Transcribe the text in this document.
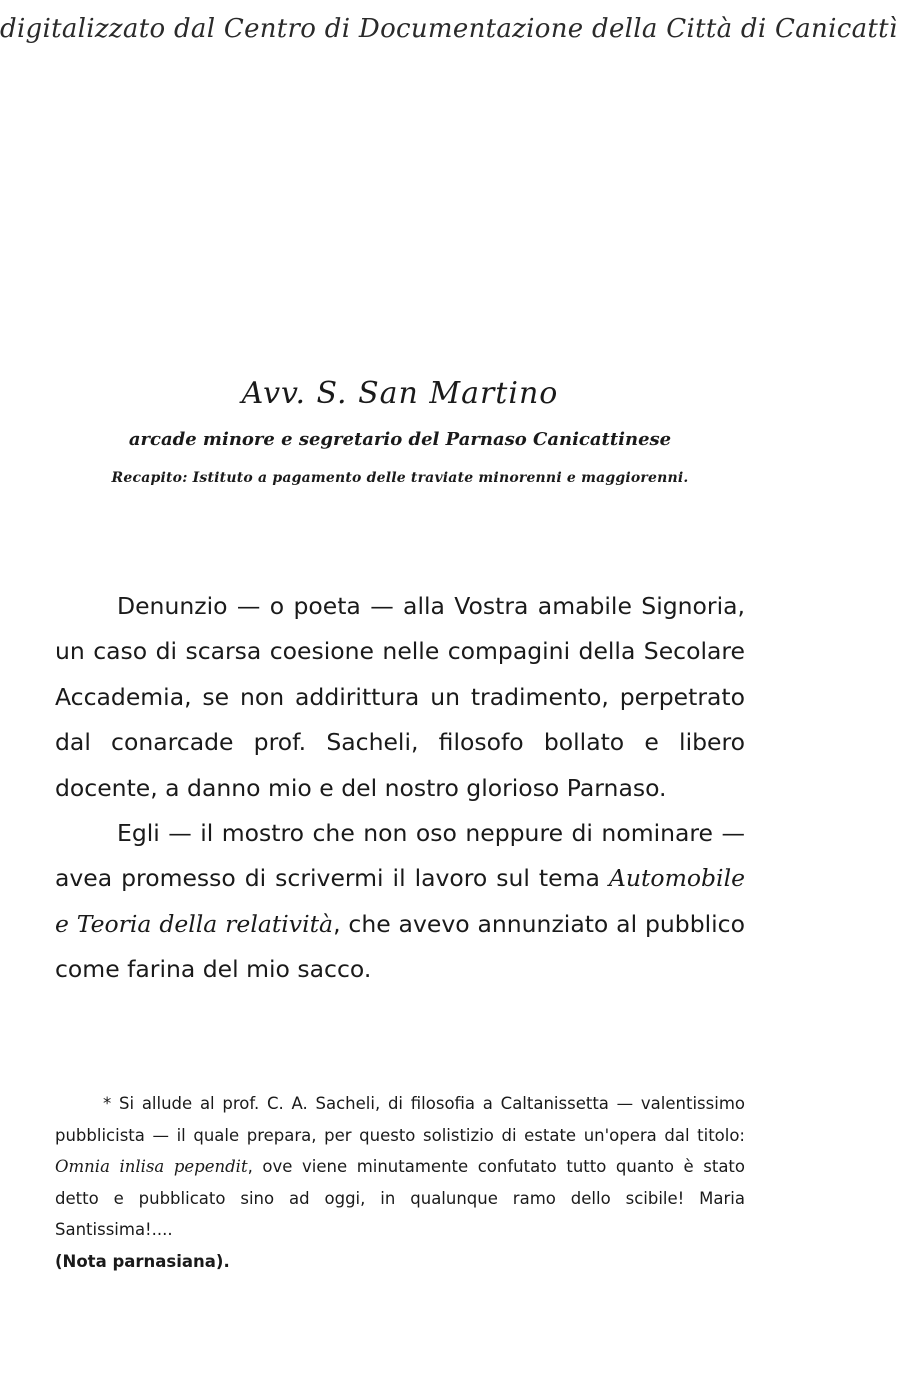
digitalizzato dal Centro di Documentazione della Città di Canicattì

Avv. S. San Martino

arcade minore e segretario del Parnaso Canicattinese

Recapito: Istituto a pagamento delle traviate minorenni e maggiorenni.

Denunzio — o poeta — alla Vostra amabile Signoria, un caso di scarsa coesione nelle compagini della Secolare Accademia, se non addirittura un tradimento, perpetrato dal conarcade prof. Sacheli, filosofo bollato e libero docente, a danno mio e del nostro glorioso Parnaso.

Egli — il mostro che non oso neppure di nominare — avea promesso di scrivermi il lavoro sul tema Automobile e Teoria della relatività, che avevo annunziato al pubblico come farina del mio sacco.

* Si allude al prof. C. A. Sacheli, di filosofia a Caltanissetta — valentissimo pubblicista — il quale prepara, per questo solistizio di estate un'opera dal titolo: Omnia inlisa pependit, ove viene minutamente confutato tutto quanto è stato detto e pubblicato sino ad oggi, in qualunque ramo dello scibile! Maria Santissima!....
(Nota parnasiana).
